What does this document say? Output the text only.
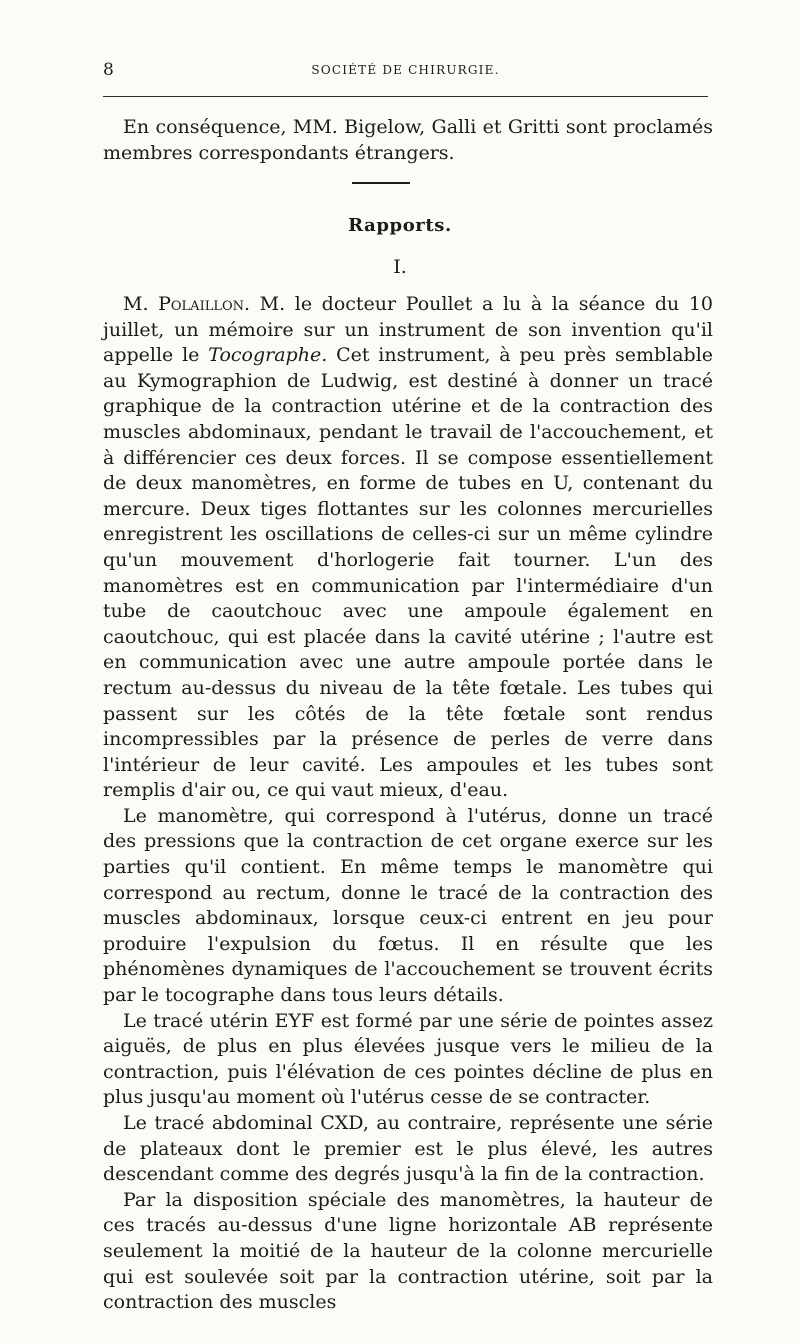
8	SOCIÉTÉ DE CHIRURGIE.

En conséquence, MM. Bigelow, Galli et Gritti sont proclamés membres correspondants étrangers.

Rapports.
I.

M. Polaillon. M. le docteur Poullet a lu à la séance du 10 juillet, un mémoire sur un instrument de son invention qu'il appelle le Tocographe. Cet instrument, à peu près semblable au Kymographion de Ludwig, est destiné à donner un tracé graphique de la contraction utérine et de la contraction des muscles abdominaux, pendant le travail de l'accouchement, et à différencier ces deux forces. Il se compose essentiellement de deux manomètres, en forme de tubes en U, contenant du mercure. Deux tiges flottantes sur les colonnes mercurielles enregistrent les oscillations de celles-ci sur un même cylindre qu'un mouvement d'horlogerie fait tourner. L'un des manomètres est en communication par l'intermédiaire d'un tube de caoutchouc avec une ampoule également en caoutchouc, qui est placée dans la cavité utérine ; l'autre est en communication avec une autre ampoule portée dans le rectum au-dessus du niveau de la tête fœtale. Les tubes qui passent sur les côtés de la tête fœtale sont rendus incompressibles par la présence de perles de verre dans l'intérieur de leur cavité. Les ampoules et les tubes sont remplis d'air ou, ce qui vaut mieux, d'eau.

Le manomètre, qui correspond à l'utérus, donne un tracé des pressions que la contraction de cet organe exerce sur les parties qu'il contient. En même temps le manomètre qui correspond au rectum, donne le tracé de la contraction des muscles abdominaux, lorsque ceux-ci entrent en jeu pour produire l'expulsion du fœtus. Il en résulte que les phénomènes dynamiques de l'accouchement se trouvent écrits par le tocographe dans tous leurs détails.

Le tracé utérin EYF est formé par une série de pointes assez aiguës, de plus en plus élevées jusque vers le milieu de la contraction, puis l'élévation de ces pointes décline de plus en plus jusqu'au moment où l'utérus cesse de se contracter.

Le tracé abdominal CXD, au contraire, représente une série de plateaux dont le premier est le plus élevé, les autres descendant comme des degrés jusqu'à la fin de la contraction.

Par la disposition spéciale des manomètres, la hauteur de ces tracés au-dessus d'une ligne horizontale AB représente seulement la moitié de la hauteur de la colonne mercurielle qui est soulevée soit par la contraction utérine, soit par la contraction des muscles
